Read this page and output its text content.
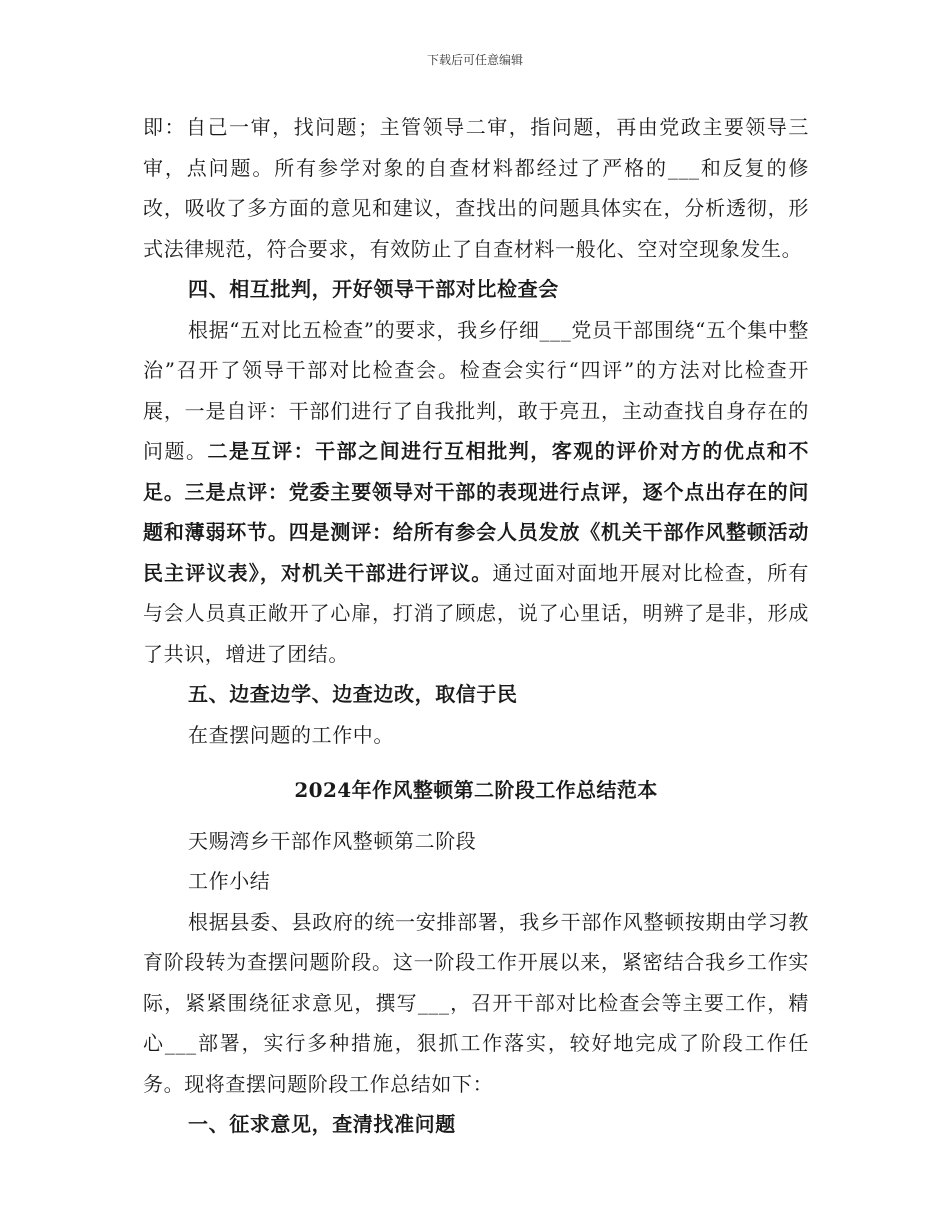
下载后可任意编辑

即：自己一审，找问题；主管领导二审，指问题，再由党政主要领导三审，点问题。所有参学对象的自查材料都经过了严格的___和反复的修改，吸收了多方面的意见和建议，查找出的问题具体实在，分析透彻，形式法律规范，符合要求，有效防止了自查材料一般化、空对空现象发生。

四、相互批判，开好领导干部对比检查会

根据“五对比五检查”的要求，我乡仔细___党员干部围绕“五个集中整治”召开了领导干部对比检查会。检查会实行“四评”的方法对比检查开展，一是自评：干部们进行了自我批判，敢于亮丑，主动查找自身存在的问题。二是互评：干部之间进行互相批判，客观的评价对方的优点和不足。三是点评：党委主要领导对干部的表现进行点评，逐个点出存在的问题和薄弱环节。四是测评：给所有参会人员发放《机关干部作风整顿活动民主评议表》，对机关干部进行评议。通过面对面地开展对比检查，所有与会人员真正敞开了心扉，打消了顾虑，说了心里话，明辨了是非，形成了共识，增进了团结。

五、边查边学、边查边改，取信于民

在查摆问题的工作中。

2024年作风整顿第二阶段工作总结范本

天赐湾乡干部作风整顿第二阶段

工作小结

根据县委、县政府的统一安排部署，我乡干部作风整顿按期由学习教育阶段转为查摆问题阶段。这一阶段工作开展以来，紧密结合我乡工作实际，紧紧围绕征求意见，撰写___，召开干部对比检查会等主要工作，精心___部署，实行多种措施，狠抓工作落实，较好地完成了阶段工作任务。现将查摆问题阶段工作总结如下：

一、征求意见，查清找准问题
